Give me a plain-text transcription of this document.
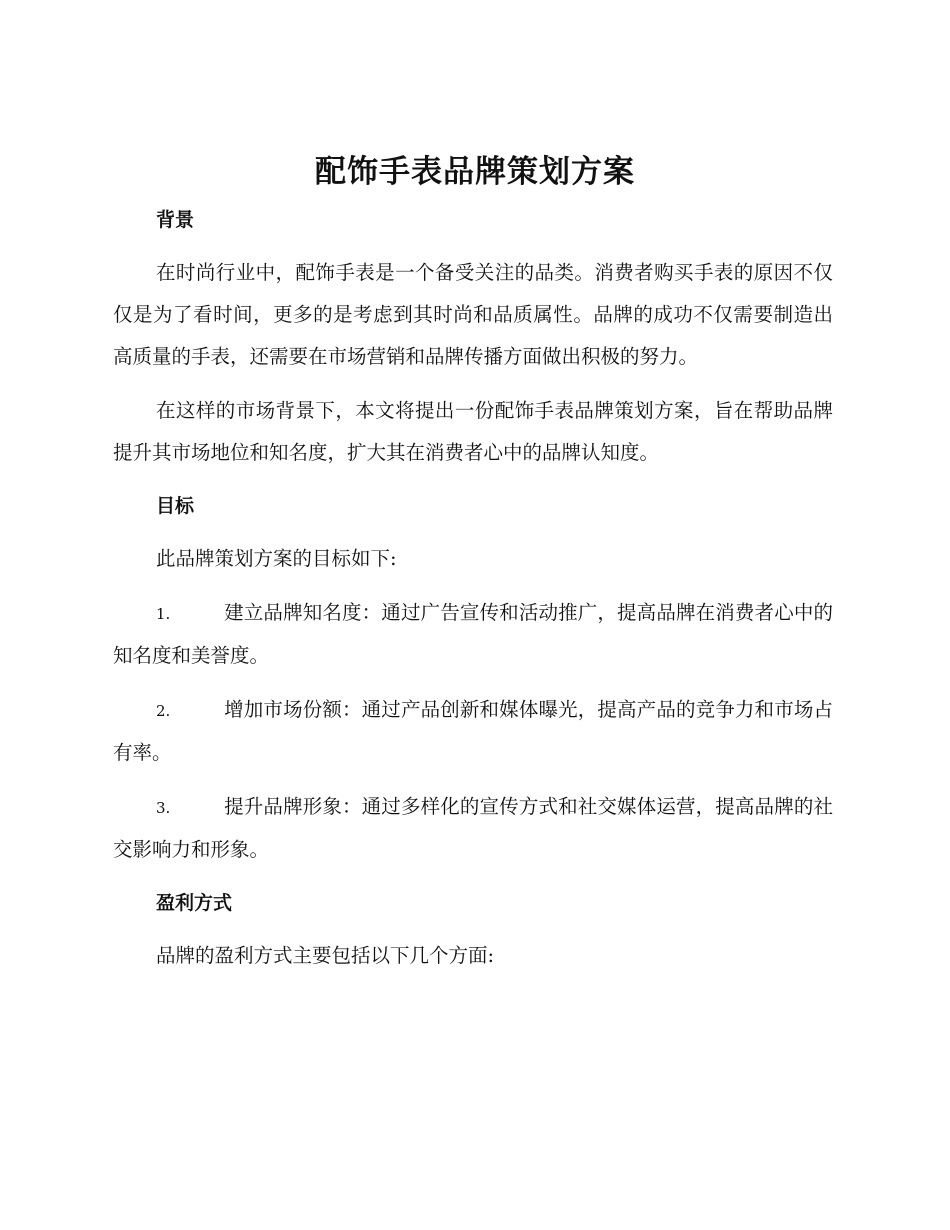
配饰手表品牌策划方案
背景

在时尚行业中，配饰手表是一个备受关注的品类。消费者购买手表的原因不仅仅是为了看时间，更多的是考虑到其时尚和品质属性。品牌的成功不仅需要制造出高质量的手表，还需要在市场营销和品牌传播方面做出积极的努力。

在这样的市场背景下，本文将提出一份配饰手表品牌策划方案，旨在帮助品牌提升其市场地位和知名度，扩大其在消费者心中的品牌认知度。

目标

此品牌策划方案的目标如下:

1.	建立品牌知名度：通过广告宣传和活动推广，提高品牌在消费者心中的知名度和美誉度。

2.	增加市场份额：通过产品创新和媒体曝光，提高产品的竞争力和市场占有率。

3.	提升品牌形象：通过多样化的宣传方式和社交媒体运营，提高品牌的社交影响力和形象。

盈利方式

品牌的盈利方式主要包括以下几个方面:
